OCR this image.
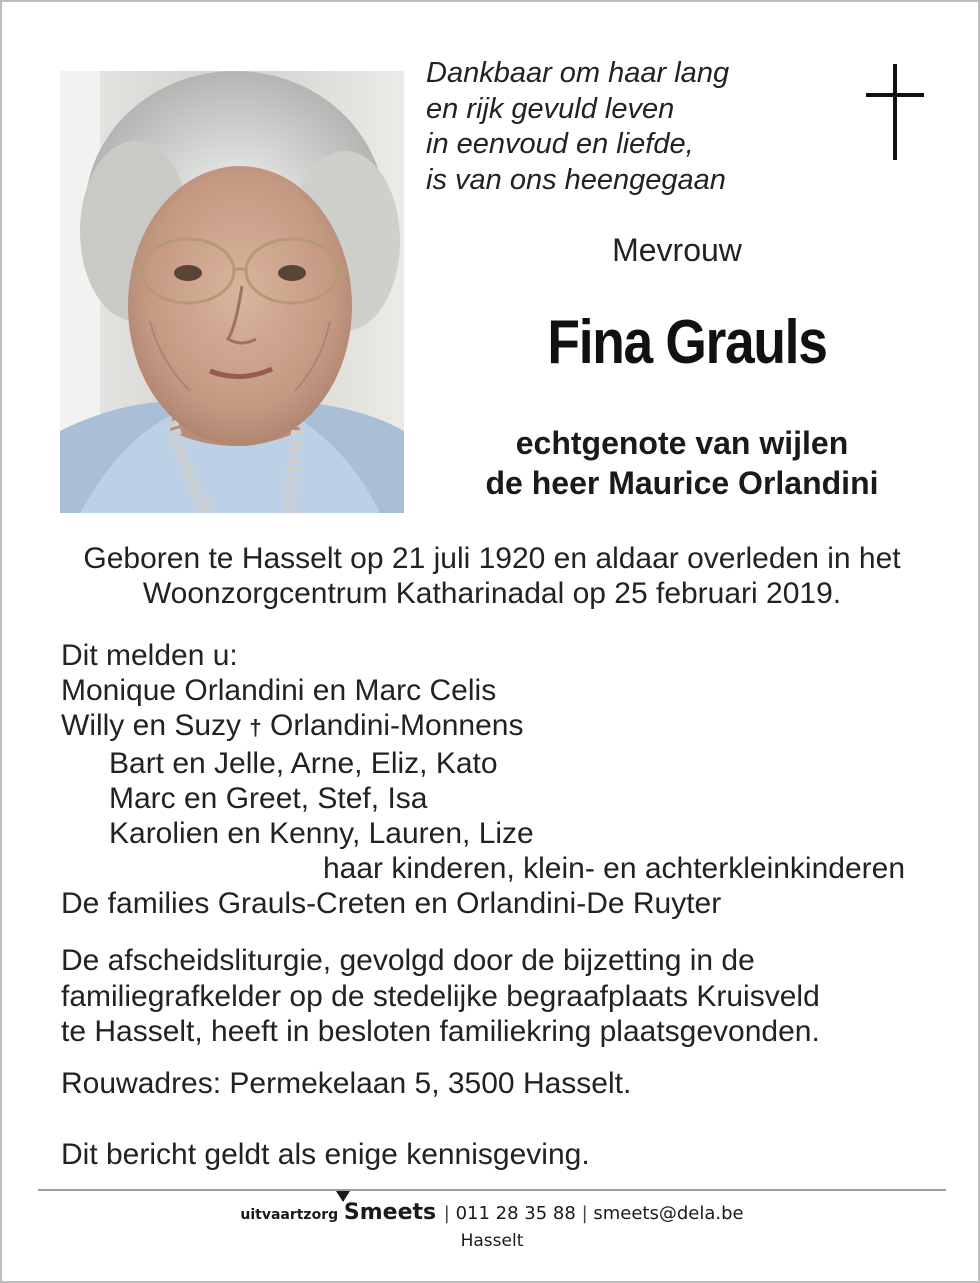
Dankbaar om haar lang
en rijk gevuld leven
in eenvoud en liefde,
is van ons heengegaan
Mevrouw
Fina Grauls
echtgenote van wijlen
de heer Maurice Orlandini
Geboren te Hasselt op 21 juli 1920 en aldaar overleden in het
Woonzorgcentrum Katharinadal op 25 februari 2019.
Dit melden u:
Monique Orlandini en Marc Celis
Willy en Suzy † Orlandini-Monnens
Bart en Jelle, Arne, Eliz, Kato
Marc en Greet, Stef, Isa
Karolien en Kenny, Lauren, Lize
haar kinderen, klein- en achterkleinkinderen
De families Grauls-Creten en Orlandini-De Ruyter
De afscheidsliturgie, gevolgd door de bijzetting in de
familiegrafkelder op de stedelijke begraafplaats Kruisveld
te Hasselt, heeft in besloten familiekring plaatsgevonden.
Rouwadres: Permekelaan 5, 3500 Hasselt.
Dit bericht geldt als enige kennisgeving.
uitvaartzorg Smeets | 011 28 35 88 | smeets@dela.be
Hasselt
